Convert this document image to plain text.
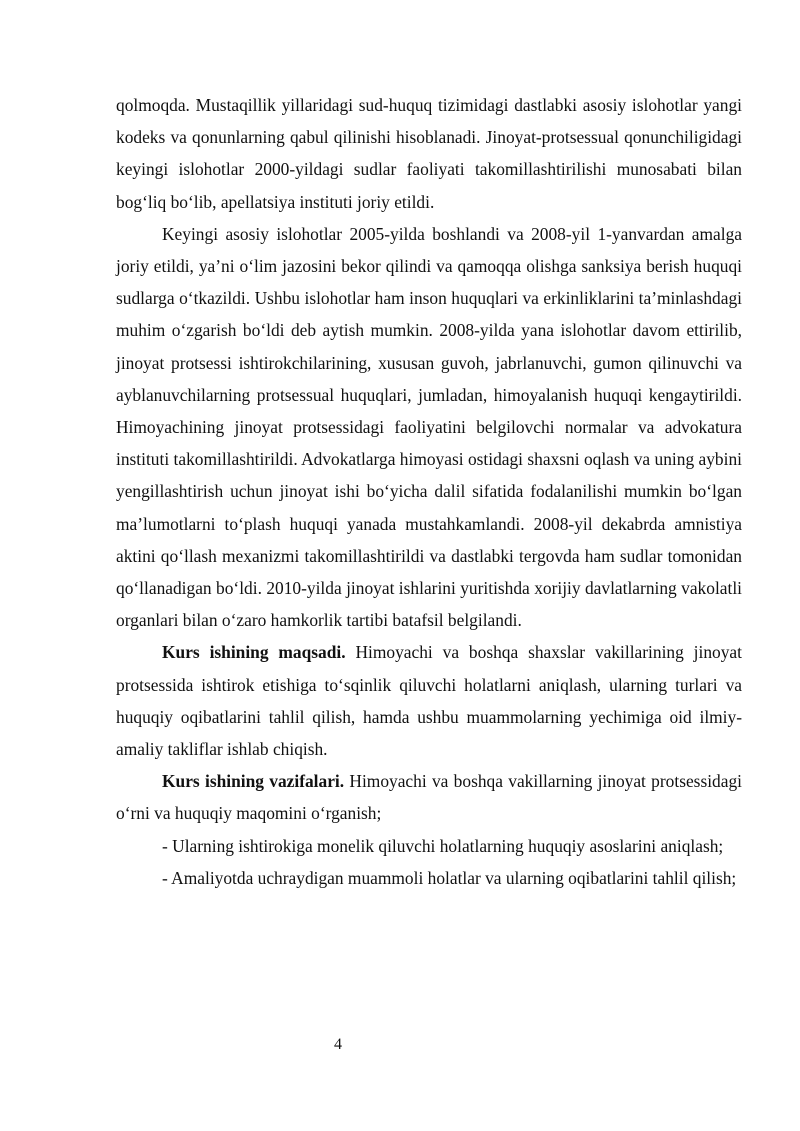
qolmoqda. Mustaqillik yillaridagi sud-huquq tizimidagi dastlabki asosiy islohotlar yangi kodeks va qonunlarning qabul qilinishi hisoblanadi. Jinoyat-protsessual qonunchiligidagi keyingi islohotlar 2000-yildagi sudlar faoliyati takomillashtirilishi munosabati bilan bog‘liq bo‘lib, apellatsiya instituti joriy etildi.

Keyingi asosiy islohotlar 2005-yilda boshlandi va 2008-yil 1-yanvardan amalga joriy etildi, ya’ni o‘lim jazosini bekor qilindi va qamoqqa olishga sanksiya berish huquqi sudlarga o‘tkazildi. Ushbu islohotlar ham inson huquqlari va erkinliklarini ta’minlashdagi muhim o‘zgarish bo‘ldi deb aytish mumkin. 2008-yilda yana islohotlar davom ettirilib, jinoyat protsessi ishtirokchilarining, xususan guvoh, jabrlanuvchi, gumon qilinuvchi va ayblanuvchilarning protsessual huquqlari, jumladan, himoyalanish huquqi kengaytirildi. Himoyachining jinoyat protsessidagi faoliyatini belgilovchi normalar va advokatura instituti takomillashtirildi. Advokatlarga himoyasi ostidagi shaxsni oqlash va uning aybini yengillashtirish uchun jinoyat ishi bo‘yicha dalil sifatida fodalanilishi mumkin bo‘lgan ma’lumotlarni to‘plash huquqi yanada mustahkamlandi. 2008-yil dekabrda amnistiya aktini qo‘llash mexanizmi takomillashtirildi va dastlabki tergovda ham sudlar tomonidan qo‘llanadigan bo‘ldi. 2010-yilda jinoyat ishlarini yuritishda xorijiy davlatlarning vakolatli organlari bilan o‘zaro hamkorlik tartibi batafsil belgilandi.

Kurs ishining maqsadi. Himoyachi va boshqa shaxslar vakillarining jinoyat protsessida ishtirok etishiga to‘sqinlik qiluvchi holatlarni aniqlash, ularning turlari va huquqiy oqibatlarini tahlil qilish, hamda ushbu muammolarning yechimiga oid ilmiy-amaliy takliflar ishlab chiqish.

Kurs ishining vazifalari. Himoyachi va boshqa vakillarning jinoyat protsessidagi o‘rni va huquqiy maqomini o‘rganish;

- Ularning ishtirokiga monelik qiluvchi holatlarning huquqiy asoslarini aniqlash;

- Amaliyotda uchraydigan muammoli holatlar va ularning oqibatlarini tahlil qilish;

4
